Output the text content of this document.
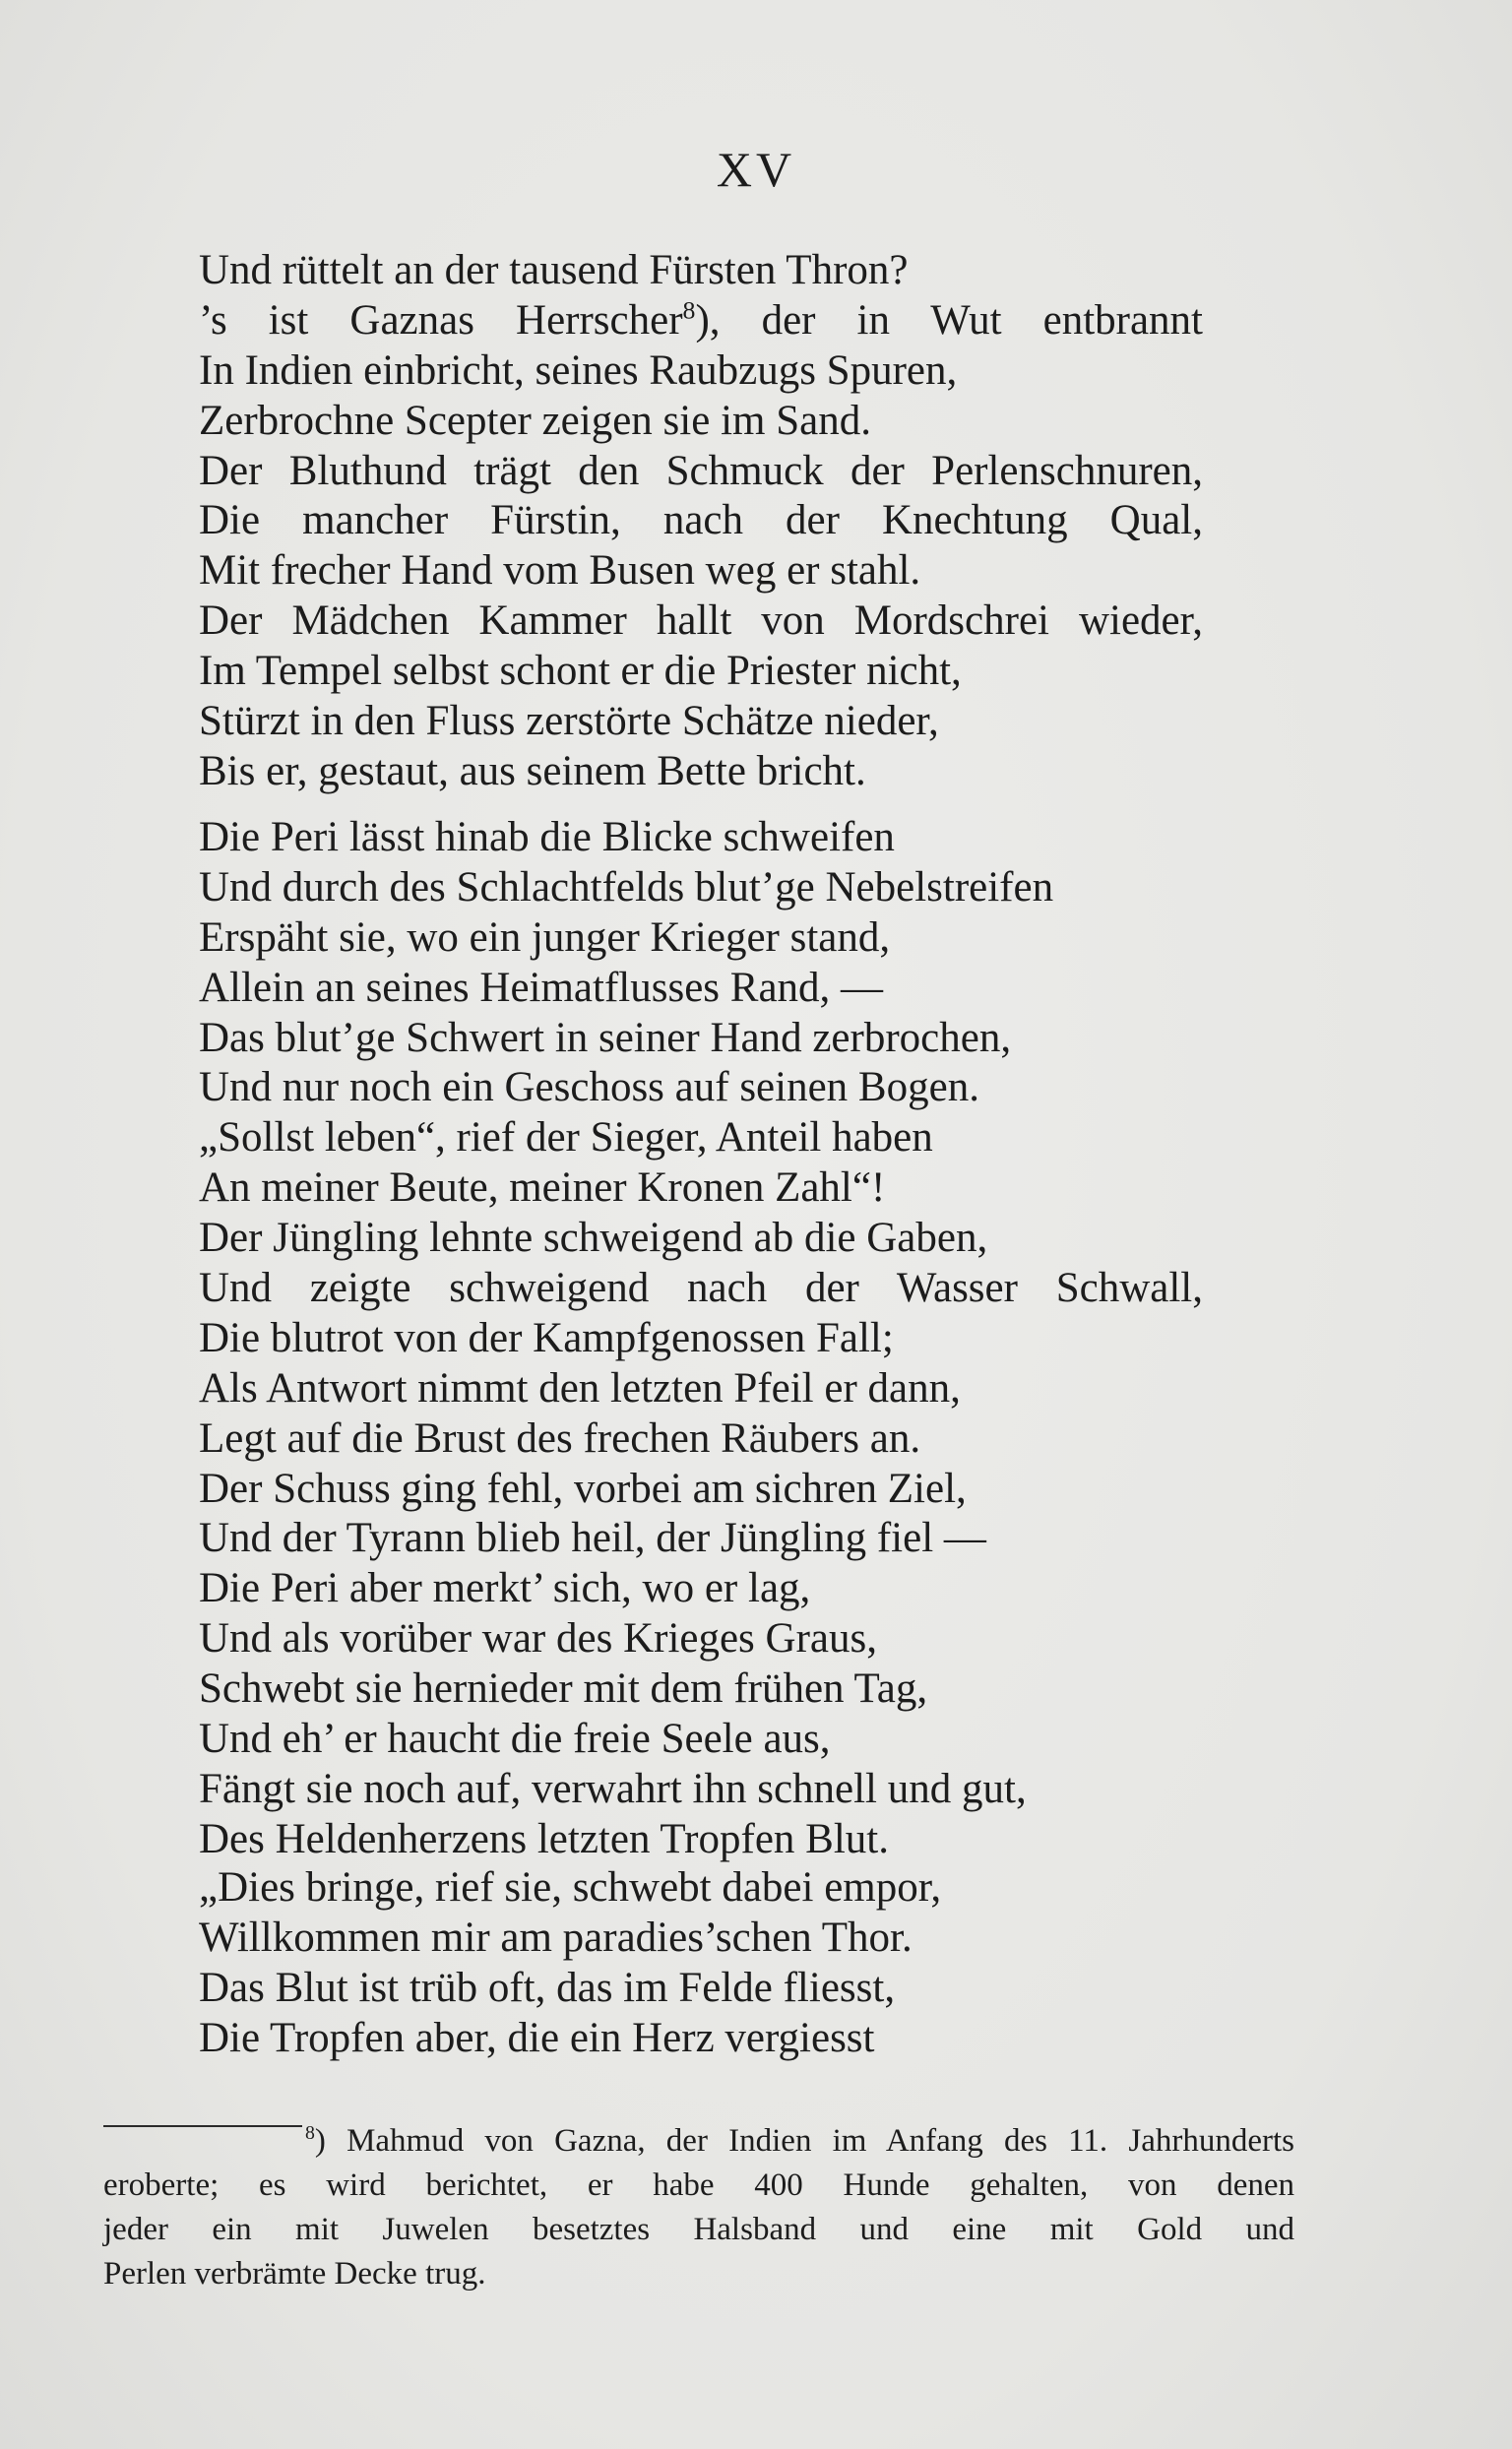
XV
Und rüttelt an der tausend Fürsten Thron?
’s ist Gaznas Herrscher$^8$), der in Wut entbrannt
In Indien einbricht, seines Raubzugs Spuren,
Zerbrochne Scepter zeigen sie im Sand.
Der Bluthund trägt den Schmuck der Perlenschnuren,
Die mancher Fürstin, nach der Knechtung Qual,
Mit frecher Hand vom Busen weg er stahl.
Der Mädchen Kammer hallt von Mordschrei wieder,
Im Tempel selbst schont er die Priester nicht,
Stürzt in den Fluss zerstörte Schätze nieder,
Bis er, gestaut, aus seinem Bette bricht.
Die Peri lässt hinab die Blicke schweifen
Und durch des Schlachtfelds blut’ge Nebelstreifen
Erspäht sie, wo ein junger Krieger stand,
Allein an seines Heimatflusses Rand, —
Das blut’ge Schwert in seiner Hand zerbrochen,
Und nur noch ein Geschoss auf seinen Bogen.
„Sollst leben“, rief der Sieger, Anteil haben
An meiner Beute, meiner Kronen Zahl“!
Der Jüngling lehnte schweigend ab die Gaben,
Und zeigte schweigend nach der Wasser Schwall,
Die blutrot von der Kampfgenossen Fall;
Als Antwort nimmt den letzten Pfeil er dann,
Legt auf die Brust des frechen Räubers an.
Der Schuss ging fehl, vorbei am sichren Ziel,
Und der Tyrann blieb heil, der Jüngling fiel —
Die Peri aber merkt’ sich, wo er lag,
Und als vorüber war des Krieges Graus,
Schwebt sie hernieder mit dem frühen Tag,
Und eh’ er haucht die freie Seele aus,
Fängt sie noch auf, verwahrt ihn schnell und gut,
Des Heldenherzens letzten Tropfen Blut.
„Dies bringe, rief sie, schwebt dabei empor,
Willkommen mir am paradies’schen Thor.
Das Blut ist trüb oft, das im Felde fliesst,
Die Tropfen aber, die ein Herz vergiesst
$^8$) Mahmud von Gazna, der Indien im Anfang des 11. Jahrhunderts
eroberte; es wird berichtet, er habe 400 Hunde gehalten, von denen
jeder ein mit Juwelen besetztes Halsband und eine mit Gold und
Perlen verbrämte Decke trug.
